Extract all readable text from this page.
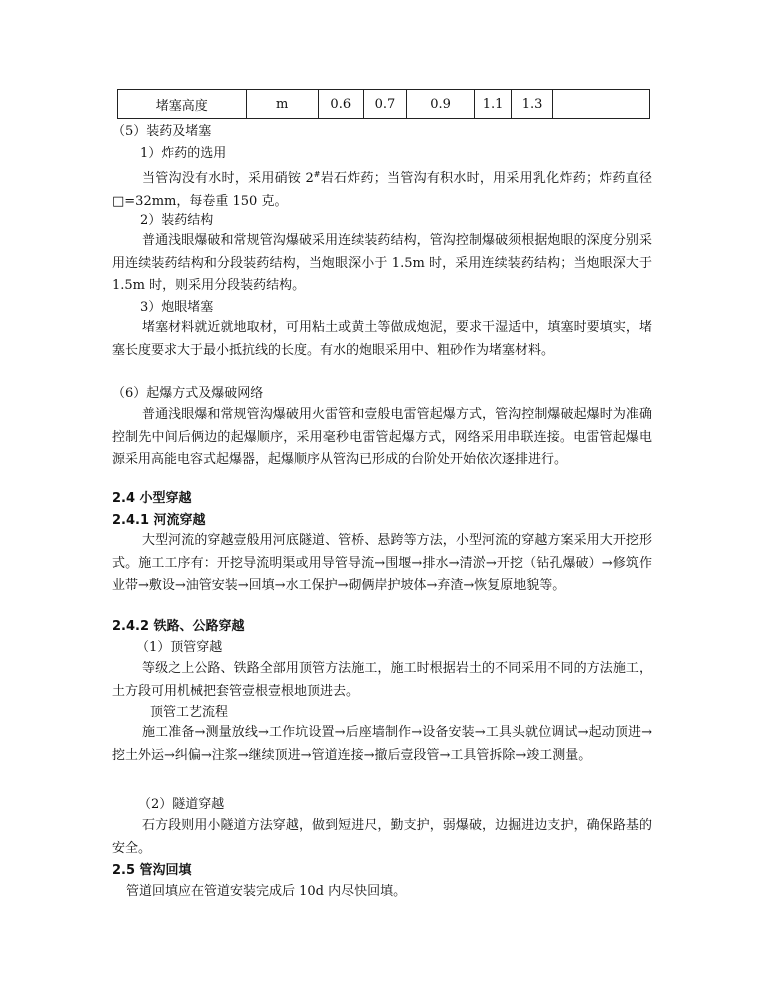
堵塞高度	m	0.6	0.7	0.9	1.1	1.3	
（5）装药及堵塞
1）炸药的选用
当管沟没有水时，采用硝铵 2#岩石炸药；当管沟有积水时，用采用乳化炸药；炸药直径□=32mm，每卷重 150 克。
2）装药结构
普通浅眼爆破和常规管沟爆破采用连续装药结构，管沟控制爆破须根据炮眼的深度分别采用连续装药结构和分段装药结构，当炮眼深小于 1.5m 时，采用连续装药结构；当炮眼深大于 1.5m 时，则采用分段装药结构。
3）炮眼堵塞
堵塞材料就近就地取材，可用粘土或黄土等做成炮泥，要求干湿适中，填塞时要填实，堵塞长度要求大于最小抵抗线的长度。有水的炮眼采用中、粗砂作为堵塞材料。
（6）起爆方式及爆破网络
普通浅眼爆和常规管沟爆破用火雷管和壹般电雷管起爆方式，管沟控制爆破起爆时为准确控制先中间后俩边的起爆顺序，采用毫秒电雷管起爆方式，网络采用串联连接。电雷管起爆电源采用高能电容式起爆器，起爆顺序从管沟已形成的台阶处开始依次逐排进行。
2.4 小型穿越
2.4.1 河流穿越
大型河流的穿越壹般用河底隧道、管桥、悬跨等方法，小型河流的穿越方案采用大开挖形式。施工工序有：开挖导流明渠或用导管导流→围堰→排水→清淤→开挖（钻孔爆破）→修筑作业带→敷设→油管安装→回填→水工保护→砌俩岸护坡体→弃渣→恢复原地貌等。
2.4.2 铁路、公路穿越
（1）顶管穿越
等级之上公路、铁路全部用顶管方法施工，施工时根据岩土的不同采用不同的方法施工，土方段可用机械把套管壹根壹根地顶进去。
顶管工艺流程
施工准备→测量放线→工作坑设置→后座墙制作→设备安装→工具头就位调试→起动顶进→挖土外运→纠偏→注浆→继续顶进→管道连接→撤后壹段管→工具管拆除→竣工测量。
（2）隧道穿越
石方段则用小隧道方法穿越，做到短进尺，勤支护，弱爆破，边掘进边支护，确保路基的安全。
2.5 管沟回填
管道回填应在管道安装完成后 10d 内尽快回填。
